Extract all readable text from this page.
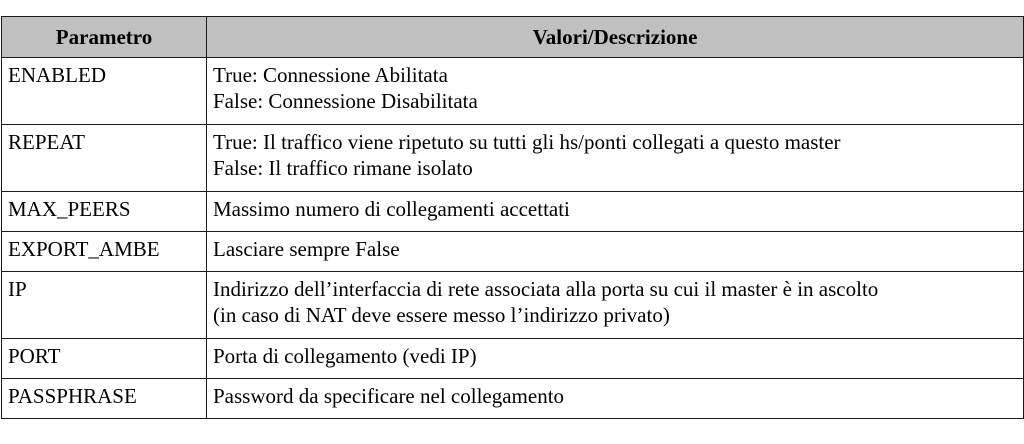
Parametro	Valori/Descrizione
ENABLED	True: Connessione Abilitata
False: Connessione Disabilitata

REPEAT	True: Il traffico viene ripetuto su tutti gli hs/ponti collegati a questo master
False: Il traffico rimane isolato

MAX_PEERS	Massimo numero di collegamenti accettati

EXPORT_AMBE	Lasciare sempre False

IP	Indirizzo dell’interfaccia di rete associata alla porta su cui il master è in ascolto
(in caso di NAT deve essere messo l’indirizzo privato)

PORT	Porta di collegamento (vedi IP)

PASSPHRASE	Password da specificare nel collegamento
